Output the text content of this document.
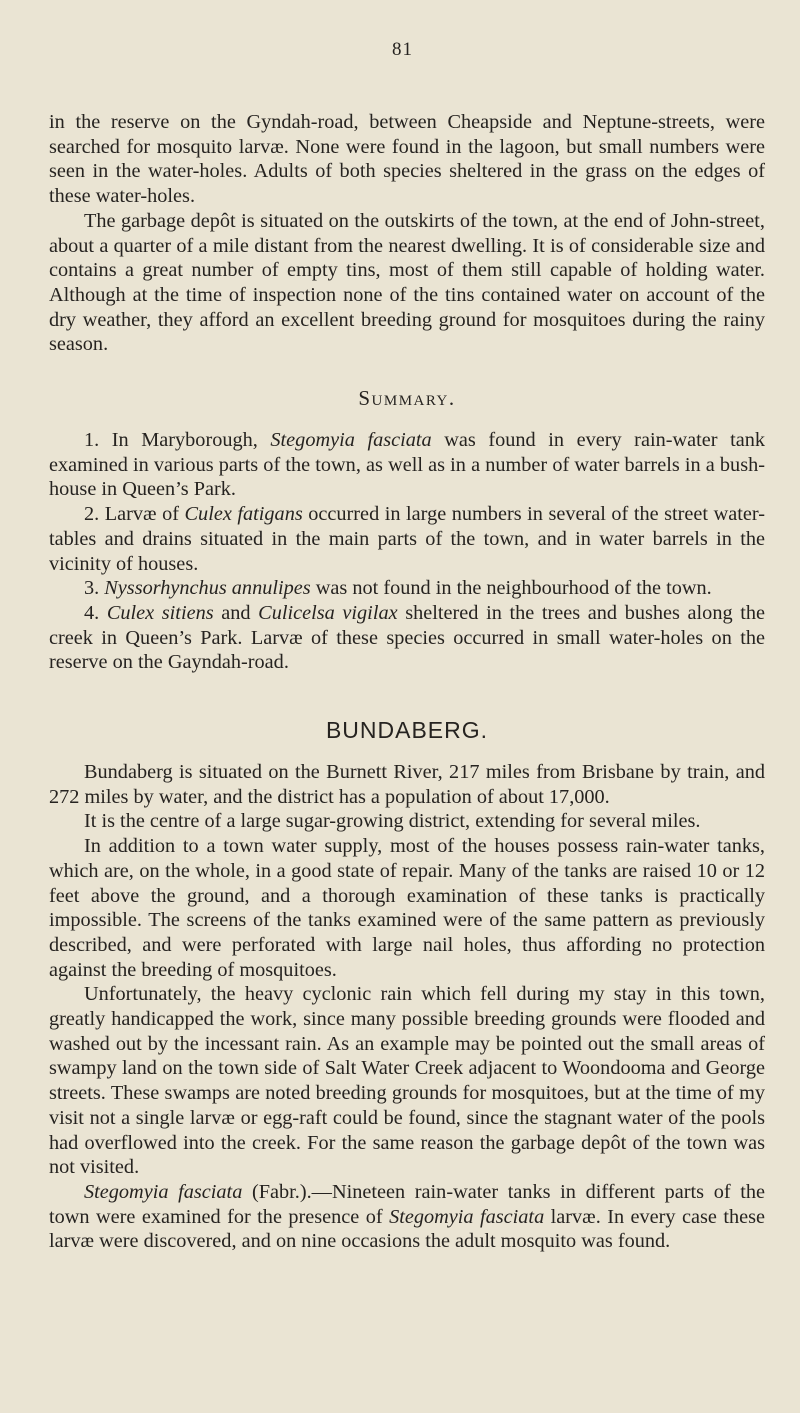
81

in the reserve on the Gyndah-road, between Cheapside and Neptune-streets, were searched for mosquito larvæ. None were found in the lagoon, but small numbers were seen in the water-holes. Adults of both species sheltered in the grass on the edges of these water-holes.

The garbage depôt is situated on the outskirts of the town, at the end of John-street, about a quarter of a mile distant from the nearest dwelling. It is of considerable size and contains a great number of empty tins, most of them still capable of holding water. Although at the time of inspection none of the tins contained water on account of the dry weather, they afford an excellent breeding ground for mosquitoes during the rainy season.

Summary.

1. In Maryborough, Stegomyia fasciata was found in every rain-water tank examined in various parts of the town, as well as in a number of water barrels in a bush-house in Queen’s Park.

2. Larvæ of Culex fatigans occurred in large numbers in several of the street water-tables and drains situated in the main parts of the town, and in water barrels in the vicinity of houses.

3. Nyssorhynchus annulipes was not found in the neighbourhood of the town.

4. Culex sitiens and Culicelsa vigilax sheltered in the trees and bushes along the creek in Queen’s Park. Larvæ of these species occurred in small water-holes on the reserve on the Gayndah-road.

BUNDABERG.

Bundaberg is situated on the Burnett River, 217 miles from Brisbane by train, and 272 miles by water, and the district has a population of about 17,000.

It is the centre of a large sugar-growing district, extending for several miles.

In addition to a town water supply, most of the houses possess rain-water tanks, which are, on the whole, in a good state of repair. Many of the tanks are raised 10 or 12 feet above the ground, and a thorough examination of these tanks is practically impossible. The screens of the tanks examined were of the same pattern as previously described, and were perforated with large nail holes, thus affording no protection against the breeding of mosquitoes.

Unfortunately, the heavy cyclonic rain which fell during my stay in this town, greatly handicapped the work, since many possible breeding grounds were flooded and washed out by the incessant rain. As an example may be pointed out the small areas of swampy land on the town side of Salt Water Creek adjacent to Woondooma and George streets. These swamps are noted breeding grounds for mosquitoes, but at the time of my visit not a single larvæ or egg-raft could be found, since the stagnant water of the pools had overflowed into the creek. For the same reason the garbage depôt of the town was not visited.

Stegomyia fasciata (Fabr.).—Nineteen rain-water tanks in different parts of the town were examined for the presence of Stegomyia fasciata larvæ. In every case these larvæ were discovered, and on nine occasions the adult mosquito was found.
